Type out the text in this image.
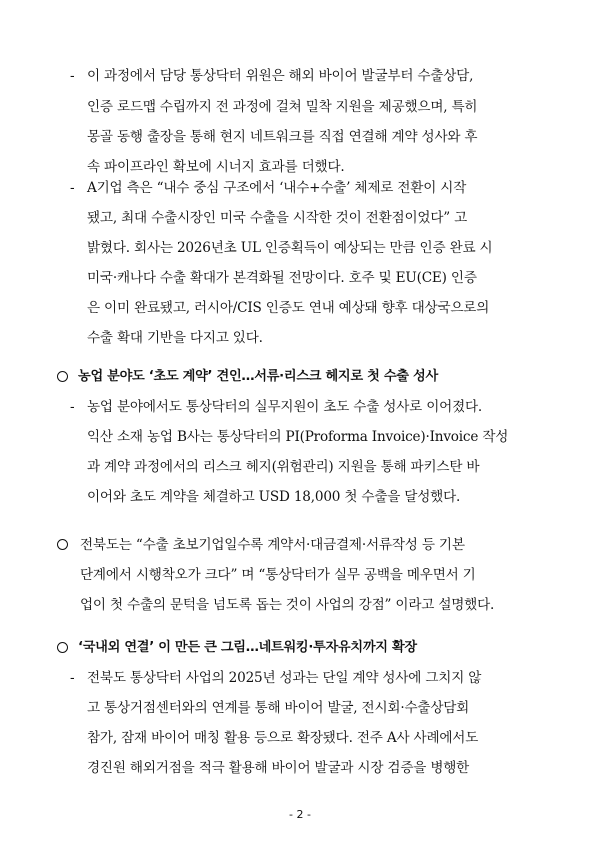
- 이 과정에서 담당 통상닥터 위원은 해외 바이어 발굴부터 수출상담,
인증 로드맵 수립까지 전 과정에 걸쳐 밀착 지원을 제공했으며, 특히
몽골 동행 출장을 통해 현지 네트워크를 직접 연결해 계약 성사와 후
속 파이프라인 확보에 시너지 효과를 더했다.
- A기업 측은 “내수 중심 구조에서 ‘내수+수출’ 체제로 전환이 시작
됐고, 최대 수출시장인 미국 수출을 시작한 것이 전환점이었다” 고
밝혔다. 회사는 2026년초 UL 인증획득이 예상되는 만큼 인증 완료 시
미국·캐나다 수출 확대가 본격화될 전망이다. 호주 및 EU(CE) 인증
은 이미 완료됐고, 러시아/CIS 인증도 연내 예상돼 향후 대상국으로의
수출 확대 기반을 다지고 있다.
농업 분야도 ‘초도 계약’ 견인…서류·리스크 헤지로 첫 수출 성사
- 농업 분야에서도 통상닥터의 실무지원이 초도 수출 성사로 이어졌다.
익산 소재 농업 B사는 통상닥터의 PI(Proforma Invoice)·Invoice 작성
과 계약 과정에서의 리스크 헤지(위험관리) 지원을 통해 파키스탄 바
이어와 초도 계약을 체결하고 USD 18,000 첫 수출을 달성했다.
전북도는 “수출 초보기업일수록 계약서·대금결제·서류작성 등 기본
단계에서 시행착오가 크다” 며 “통상닥터가 실무 공백을 메우면서 기
업이 첫 수출의 문턱을 넘도록 돕는 것이 사업의 강점” 이라고 설명했다.
‘국내외 연결’ 이 만든 큰 그림…네트워킹·투자유치까지 확장
- 전북도 통상닥터 사업의 2025년 성과는 단일 계약 성사에 그치지 않
고 통상거점센터와의 연계를 통해 바이어 발굴, 전시회·수출상담회
참가, 잠재 바이어 매칭 활용 등으로 확장됐다. 전주 A사 사례에서도
경진원 해외거점을 적극 활용해 바이어 발굴과 시장 검증을 병행한
- 2 -
